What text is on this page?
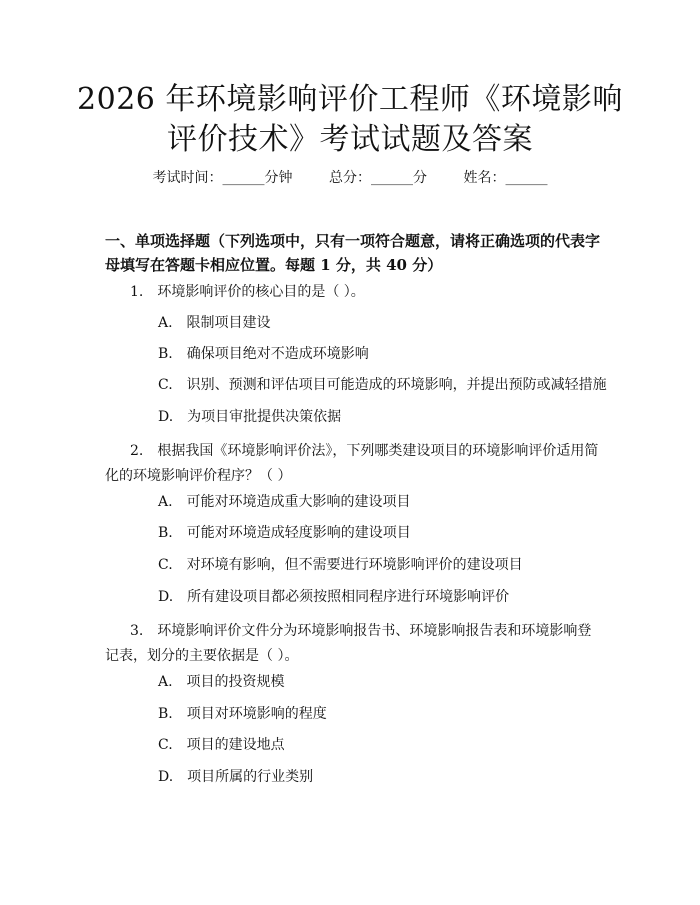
2026 年环境影响评价工程师《环境影响评价技术》考试试题及答案
考试时间：______分钟	总分：______分	姓名：______
一、单项选择题（下列选项中，只有一项符合题意，请将正确选项的代表字母填写在答题卡相应位置。每题 1 分，共 40 分）
1.　环境影响评价的核心目的是（ ）。
A.　限制项目建设
B.　确保项目绝对不造成环境影响
C.　识别、预测和评估项目可能造成的环境影响，并提出预防或减轻措施
D.　为项目审批提供决策依据
2.　根据我国《环境影响评价法》，下列哪类建设项目的环境影响评价适用简化的环境影响评价程序？（ ）
A.　可能对环境造成重大影响的建设项目
B.　可能对环境造成轻度影响的建设项目
C.　对环境有影响，但不需要进行环境影响评价的建设项目
D.　所有建设项目都必须按照相同程序进行环境影响评价
3.　环境影响评价文件分为环境影响报告书、环境影响报告表和环境影响登记表，划分的主要依据是（ ）。
A.　项目的投资规模
B.　项目对环境影响的程度
C.　项目的建设地点
D.　项目所属的行业类别
